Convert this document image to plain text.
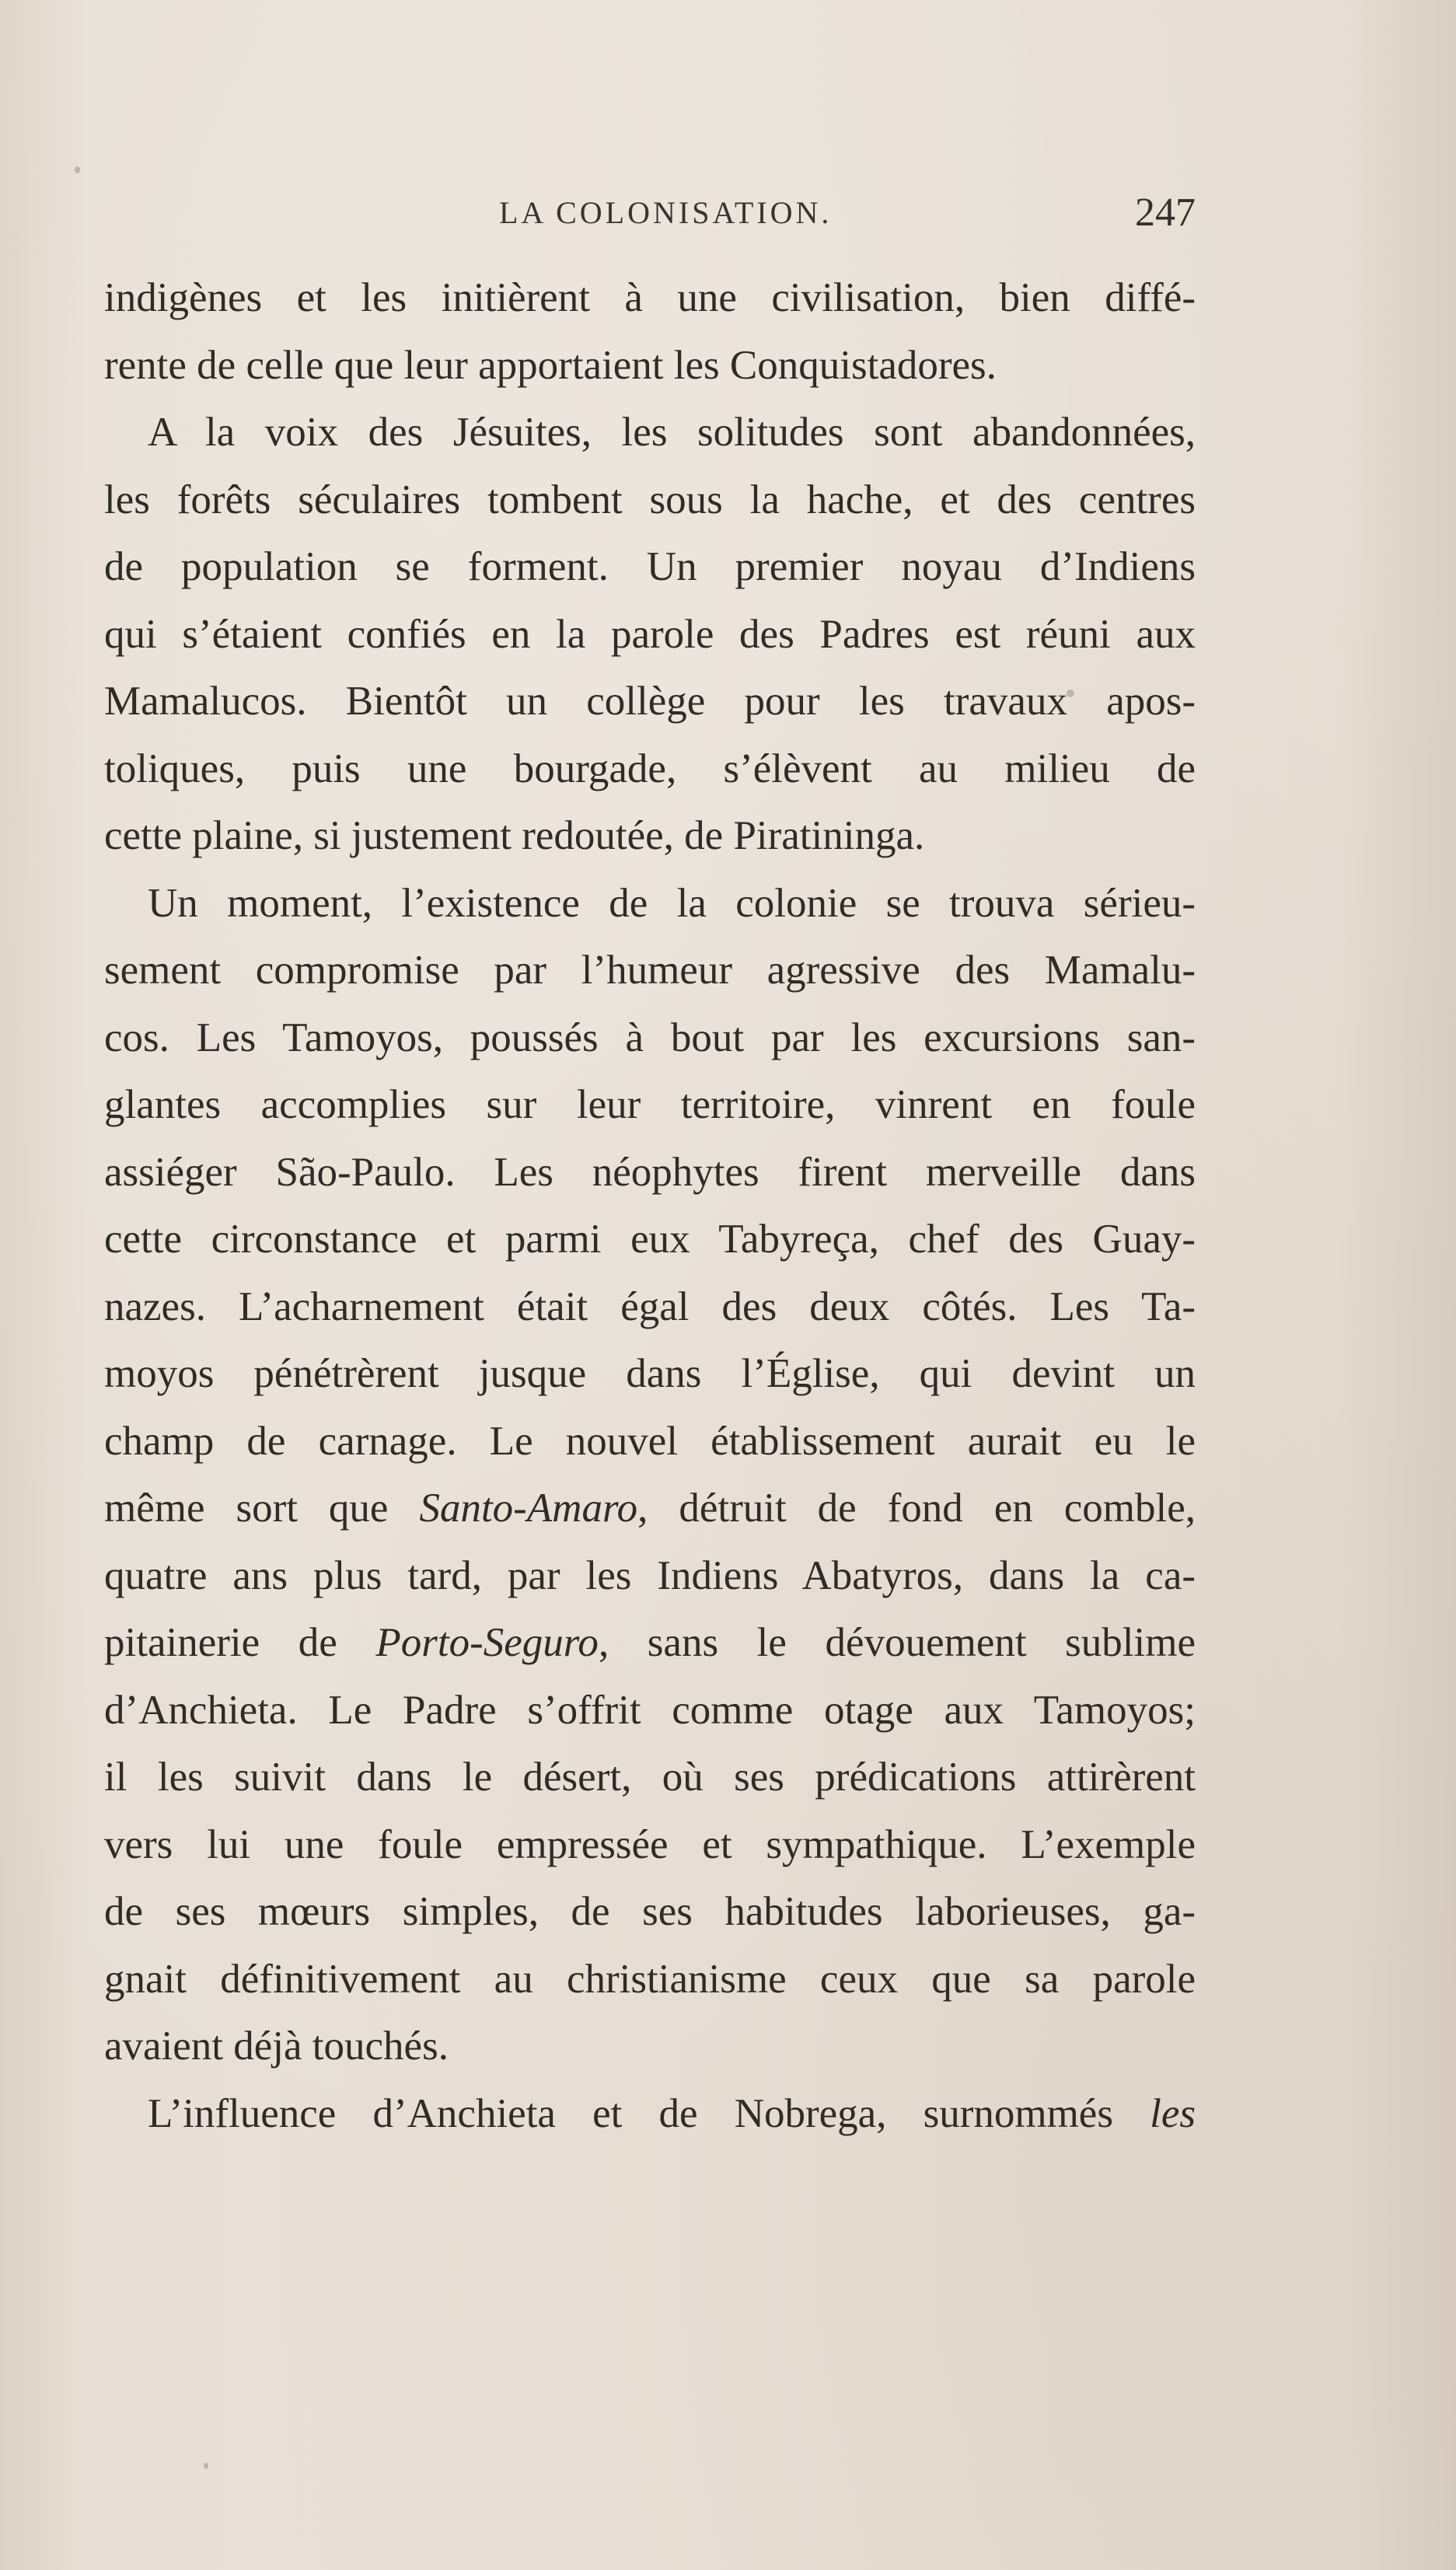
LA COLONISATION.	247
indigènes et les initièrent à une civilisation, bien diffé-
rente de celle que leur apportaient les Conquistadores.
A la voix des Jésuites, les solitudes sont abandonnées,
les forêts séculaires tombent sous la hache, et des centres
de population se forment. Un premier noyau d’Indiens
qui s’étaient confiés en la parole des Padres est réuni aux
Mamalucos. Bientôt un collège pour les travaux apos-
toliques, puis une bourgade, s’élèvent au milieu de
cette plaine, si justement redoutée, de Piratininga.
Un moment, l’existence de la colonie se trouva sérieu-
sement compromise par l’humeur agressive des Mamalu-
cos. Les Tamoyos, poussés à bout par les excursions san-
glantes accomplies sur leur territoire, vinrent en foule
assiéger São-Paulo. Les néophytes firent merveille dans
cette circonstance et parmi eux Tabyreça, chef des Guay-
nazes. L’acharnement était égal des deux côtés. Les Ta-
moyos pénétrèrent jusque dans l’Église, qui devint un
champ de carnage. Le nouvel établissement aurait eu le
même sort que Santo-Amaro, détruit de fond en comble,
quatre ans plus tard, par les Indiens Abatyros, dans la ca-
pitainerie de Porto-Seguro, sans le dévouement sublime
d’Anchieta. Le Padre s’offrit comme otage aux Tamoyos;
il les suivit dans le désert, où ses prédications attirèrent
vers lui une foule empressée et sympathique. L’exemple
de ses mœurs simples, de ses habitudes laborieuses, ga-
gnait définitivement au christianisme ceux que sa parole
avaient déjà touchés.
L’influence d’Anchieta et de Nobrega, surnommés les
